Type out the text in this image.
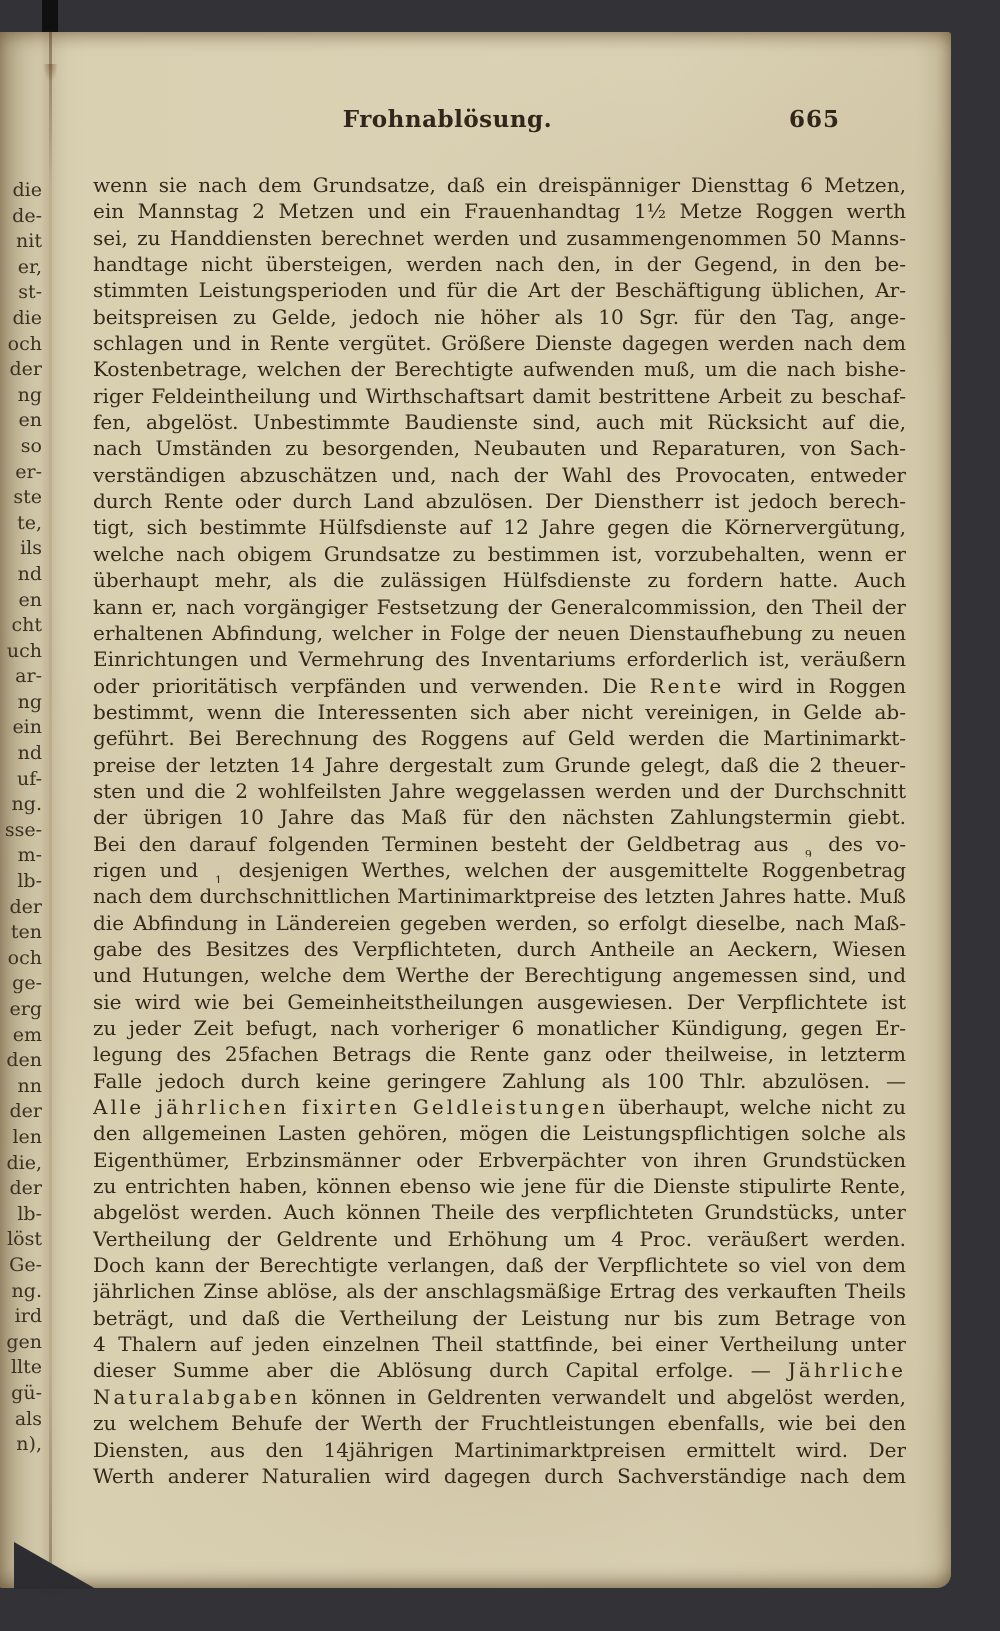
die
de-
nit
er,
st-
die
och
der
ng
en
so
er-
ste
te,
ils
nd
en
cht
uch
ar-
ng
ein
nd
uf-
ng.
sse-
m-
lb-
der
ten
och
ge-
erg
em
den
nn
der
len
die,
der
lb-
löst
Ge-
ng.
ird
gen
llte
gü-
als
n),
Frohnablösung.	665
wenn sie nach dem Grundsatze, daß ein dreispänniger Diensttag 6 Metzen,
ein Mannstag 2 Metzen und ein Frauenhandtag 1½ Metze Roggen werth
sei, zu Handdiensten berechnet werden und zusammengenommen 50 Manns-
handtage nicht übersteigen, werden nach den, in der Gegend, in den be-
stimmten Leistungsperioden und für die Art der Beschäftigung üblichen, Ar-
beitspreisen zu Gelde, jedoch nie höher als 10 Sgr. für den Tag, ange-
schlagen und in Rente vergütet. Größere Dienste dagegen werden nach dem
Kostenbetrage, welchen der Berechtigte aufwenden muß, um die nach bishe-
riger Feldeintheilung und Wirthschaftsart damit bestrittene Arbeit zu beschaf-
fen, abgelöst. Unbestimmte Baudienste sind, auch mit Rücksicht auf die,
nach Umständen zu besorgenden, Neubauten und Reparaturen, von Sach-
verständigen abzuschätzen und, nach der Wahl des Provocaten, entweder
durch Rente oder durch Land abzulösen. Der Dienstherr ist jedoch berech-
tigt, sich bestimmte Hülfsdienste auf 12 Jahre gegen die Körnervergütung,
welche nach obigem Grundsatze zu bestimmen ist, vorzubehalten, wenn er
überhaupt mehr, als die zulässigen Hülfsdienste zu fordern hatte. Auch
kann er, nach vorgängiger Festsetzung der Generalcommission, den Theil der
erhaltenen Abfindung, welcher in Folge der neuen Dienstaufhebung zu neuen
Einrichtungen und Vermehrung des Inventariums erforderlich ist, veräußern
oder prioritätisch verpfänden und verwenden. Die Rente wird in Roggen
bestimmt, wenn die Interessenten sich aber nicht vereinigen, in Gelde ab-
geführt. Bei Berechnung des Roggens auf Geld werden die Martinimarkt-
preise der letzten 14 Jahre dergestalt zum Grunde gelegt, daß die 2 theuer-
sten und die 2 wohlfeilsten Jahre weggelassen werden und der Durchschnitt
der übrigen 10 Jahre das Maß für den nächsten Zahlungstermin giebt.
Bei den darauf folgenden Terminen besteht der Geldbetrag aus 9 des vo-
rigen und 1 desjenigen Werthes, welchen der ausgemittelte Roggenbetrag
nach dem durchschnittlichen Martinimarktpreise des letzten Jahres hatte. Muß
die Abfindung in Ländereien gegeben werden, so erfolgt dieselbe, nach Maß-
gabe des Besitzes des Verpflichteten, durch Antheile an Aeckern, Wiesen
und Hutungen, welche dem Werthe der Berechtigung angemessen sind, und
sie wird wie bei Gemeinheitstheilungen ausgewiesen. Der Verpflichtete ist
zu jeder Zeit befugt, nach vorheriger 6 monatlicher Kündigung, gegen Er-
legung des 25fachen Betrags die Rente ganz oder theilweise, in letzterm
Falle jedoch durch keine geringere Zahlung als 100 Thlr. abzulösen. —
Alle jährlichen fixirten Geldleistungen überhaupt, welche nicht zu
den allgemeinen Lasten gehören, mögen die Leistungspflichtigen solche als
Eigenthümer, Erbzinsmänner oder Erbverpächter von ihren Grundstücken
zu entrichten haben, können ebenso wie jene für die Dienste stipulirte Rente,
abgelöst werden. Auch können Theile des verpflichteten Grundstücks, unter
Vertheilung der Geldrente und Erhöhung um 4 Proc. veräußert werden.
Doch kann der Berechtigte verlangen, daß der Verpflichtete so viel von dem
jährlichen Zinse ablöse, als der anschlagsmäßige Ertrag des verkauften Theils
beträgt, und daß die Vertheilung der Leistung nur bis zum Betrage von
4 Thalern auf jeden einzelnen Theil stattfinde, bei einer Vertheilung unter
dieser Summe aber die Ablösung durch Capital erfolge. — Jährliche
Naturalabgaben können in Geldrenten verwandelt und abgelöst werden,
zu welchem Behufe der Werth der Fruchtleistungen ebenfalls, wie bei den
Diensten, aus den 14jährigen Martinimarktpreisen ermittelt wird. Der
Werth anderer Naturalien wird dagegen durch Sachverständige nach dem
